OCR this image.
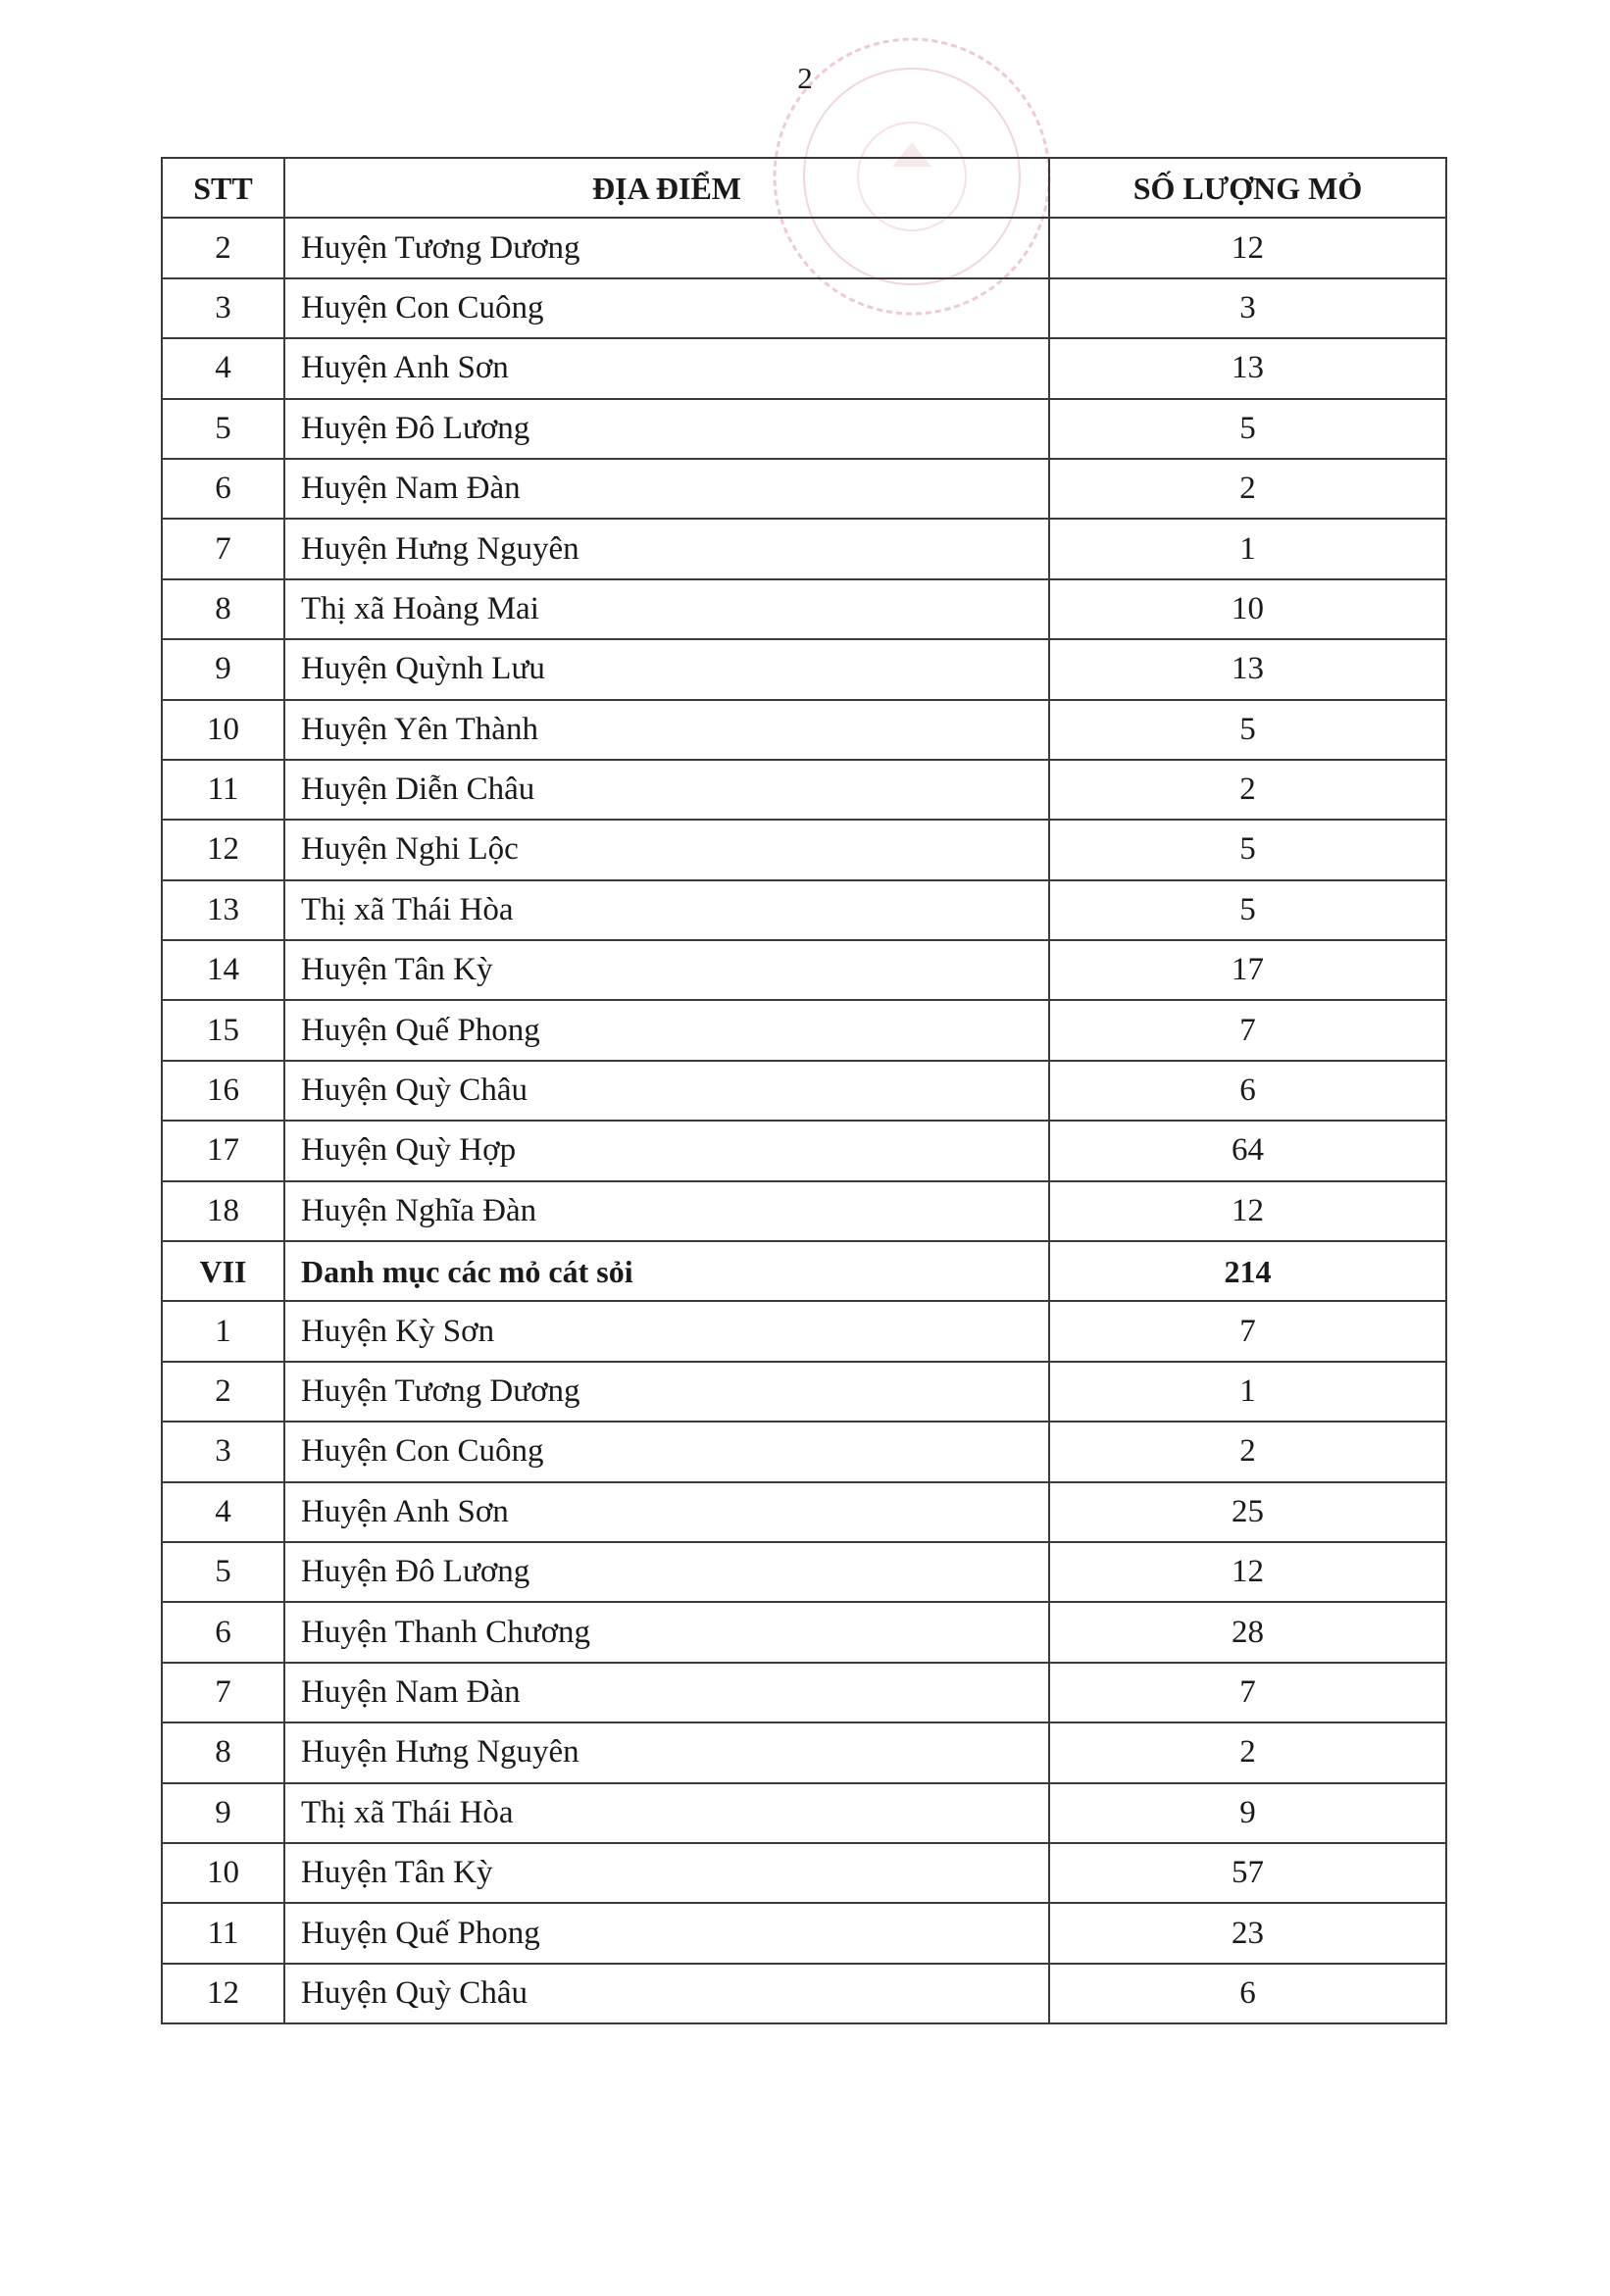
2
STT	ĐỊA ĐIỂM	SỐ LƯỢNG MỎ
2	Huyện Tương Dương	12
3	Huyện Con Cuông	3
4	Huyện Anh Sơn	13
5	Huyện Đô Lương	5
6	Huyện Nam Đàn	2
7	Huyện Hưng Nguyên	1
8	Thị xã Hoàng Mai	10
9	Huyện Quỳnh Lưu	13
10	Huyện Yên Thành	5
11	Huyện Diễn Châu	2
12	Huyện Nghi Lộc	5
13	Thị xã Thái Hòa	5
14	Huyện Tân Kỳ	17
15	Huyện Quế Phong	7
16	Huyện Quỳ Châu	6
17	Huyện Quỳ Hợp	64
18	Huyện Nghĩa Đàn	12
VII	Danh mục các mỏ cát sỏi	214
1	Huyện Kỳ Sơn	7
2	Huyện Tương Dương	1
3	Huyện Con Cuông	2
4	Huyện Anh Sơn	25
5	Huyện Đô Lương	12
6	Huyện Thanh Chương	28
7	Huyện Nam Đàn	7
8	Huyện Hưng Nguyên	2
9	Thị xã Thái Hòa	9
10	Huyện Tân Kỳ	57
11	Huyện Quế Phong	23
12	Huyện Quỳ Châu	6
